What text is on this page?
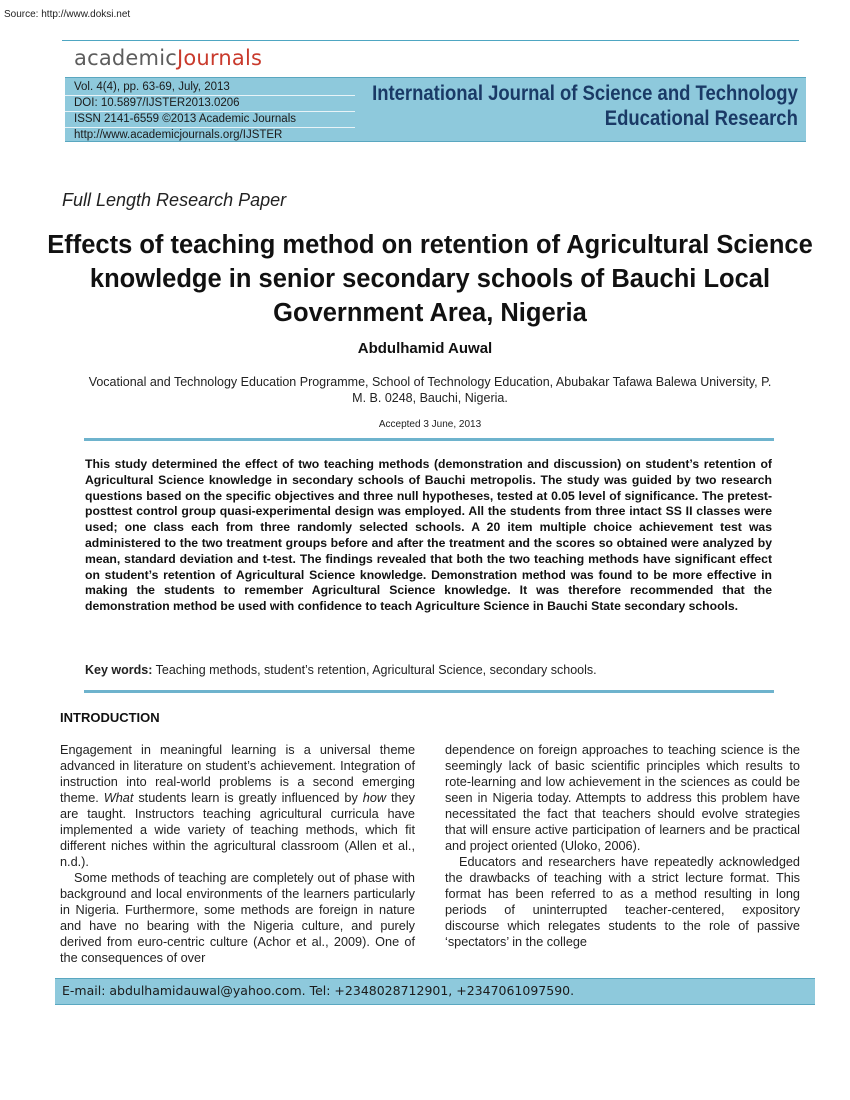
Source: http://www.doksi.net
academicJournals
Vol. 4(4), pp. 63-69, July, 2013
DOI: 10.5897/IJSTER2013.0206
ISSN 2141-6559 ©2013 Academic Journals
http://www.academicjournals.org/IJSTER
International Journal of Science and Technology
Educational Research
Full Length Research Paper
Effects of teaching method on retention of Agricultural Science knowledge in senior secondary schools of Bauchi Local Government Area, Nigeria
Abdulhamid Auwal
Vocational and Technology Education Programme, School of Technology Education, Abubakar Tafawa Balewa University, P. M. B. 0248, Bauchi, Nigeria.
Accepted 3 June, 2013
This study determined the effect of two teaching methods (demonstration and discussion) on student’s retention of Agricultural Science knowledge in secondary schools of Bauchi metropolis. The study was guided by two research questions based on the specific objectives and three null hypotheses, tested at 0.05 level of significance. The pretest-posttest control group quasi-experimental design was employed. All the students from three intact SS II classes were used; one class each from three randomly selected schools. A 20 item multiple choice achievement test was administered to the two treatment groups before and after the treatment and the scores so obtained were analyzed by mean, standard deviation and t-test. The findings revealed that both the two teaching methods have significant effect on student’s retention of Agricultural Science knowledge. Demonstration method was found to be more effective in making the students to remember Agricultural Science knowledge. It was therefore recommended that the demonstration method be used with confidence to teach Agriculture Science in Bauchi State secondary schools.
Key words: Teaching methods, student’s retention, Agricultural Science, secondary schools.
INTRODUCTION

Engagement in meaningful learning is a universal theme advanced in literature on student’s achievement. Integration of instruction into real-world problems is a second emerging theme. What students learn is greatly influenced by how they are taught. Instructors teaching agricultural curricula have implemented a wide variety of teaching methods, which fit different niches within the agricultural classroom (Allen et al., n.d.).

Some methods of teaching are completely out of phase with background and local environments of the learners particularly in Nigeria. Furthermore, some methods are foreign in nature and have no bearing with the Nigeria culture, and purely derived from euro-centric culture (Achor et al., 2009). One of the consequences of over

dependence on foreign approaches to teaching science is the seemingly lack of basic scientific principles which results to rote-learning and low achievement in the sciences as could be seen in Nigeria today. Attempts to address this problem have necessitated the fact that teachers should evolve strategies that will ensure active participation of learners and be practical and project oriented (Uloko, 2006).

Educators and researchers have repeatedly acknowledged the drawbacks of teaching with a strict lecture format. This format has been referred to as a method resulting in long periods of uninterrupted teacher-centered, expository discourse which relegates students to the role of passive ‘spectators’ in the college

E-mail: abdulhamidauwal@yahoo.com. Tel: +2348028712901, +2347061097590.
